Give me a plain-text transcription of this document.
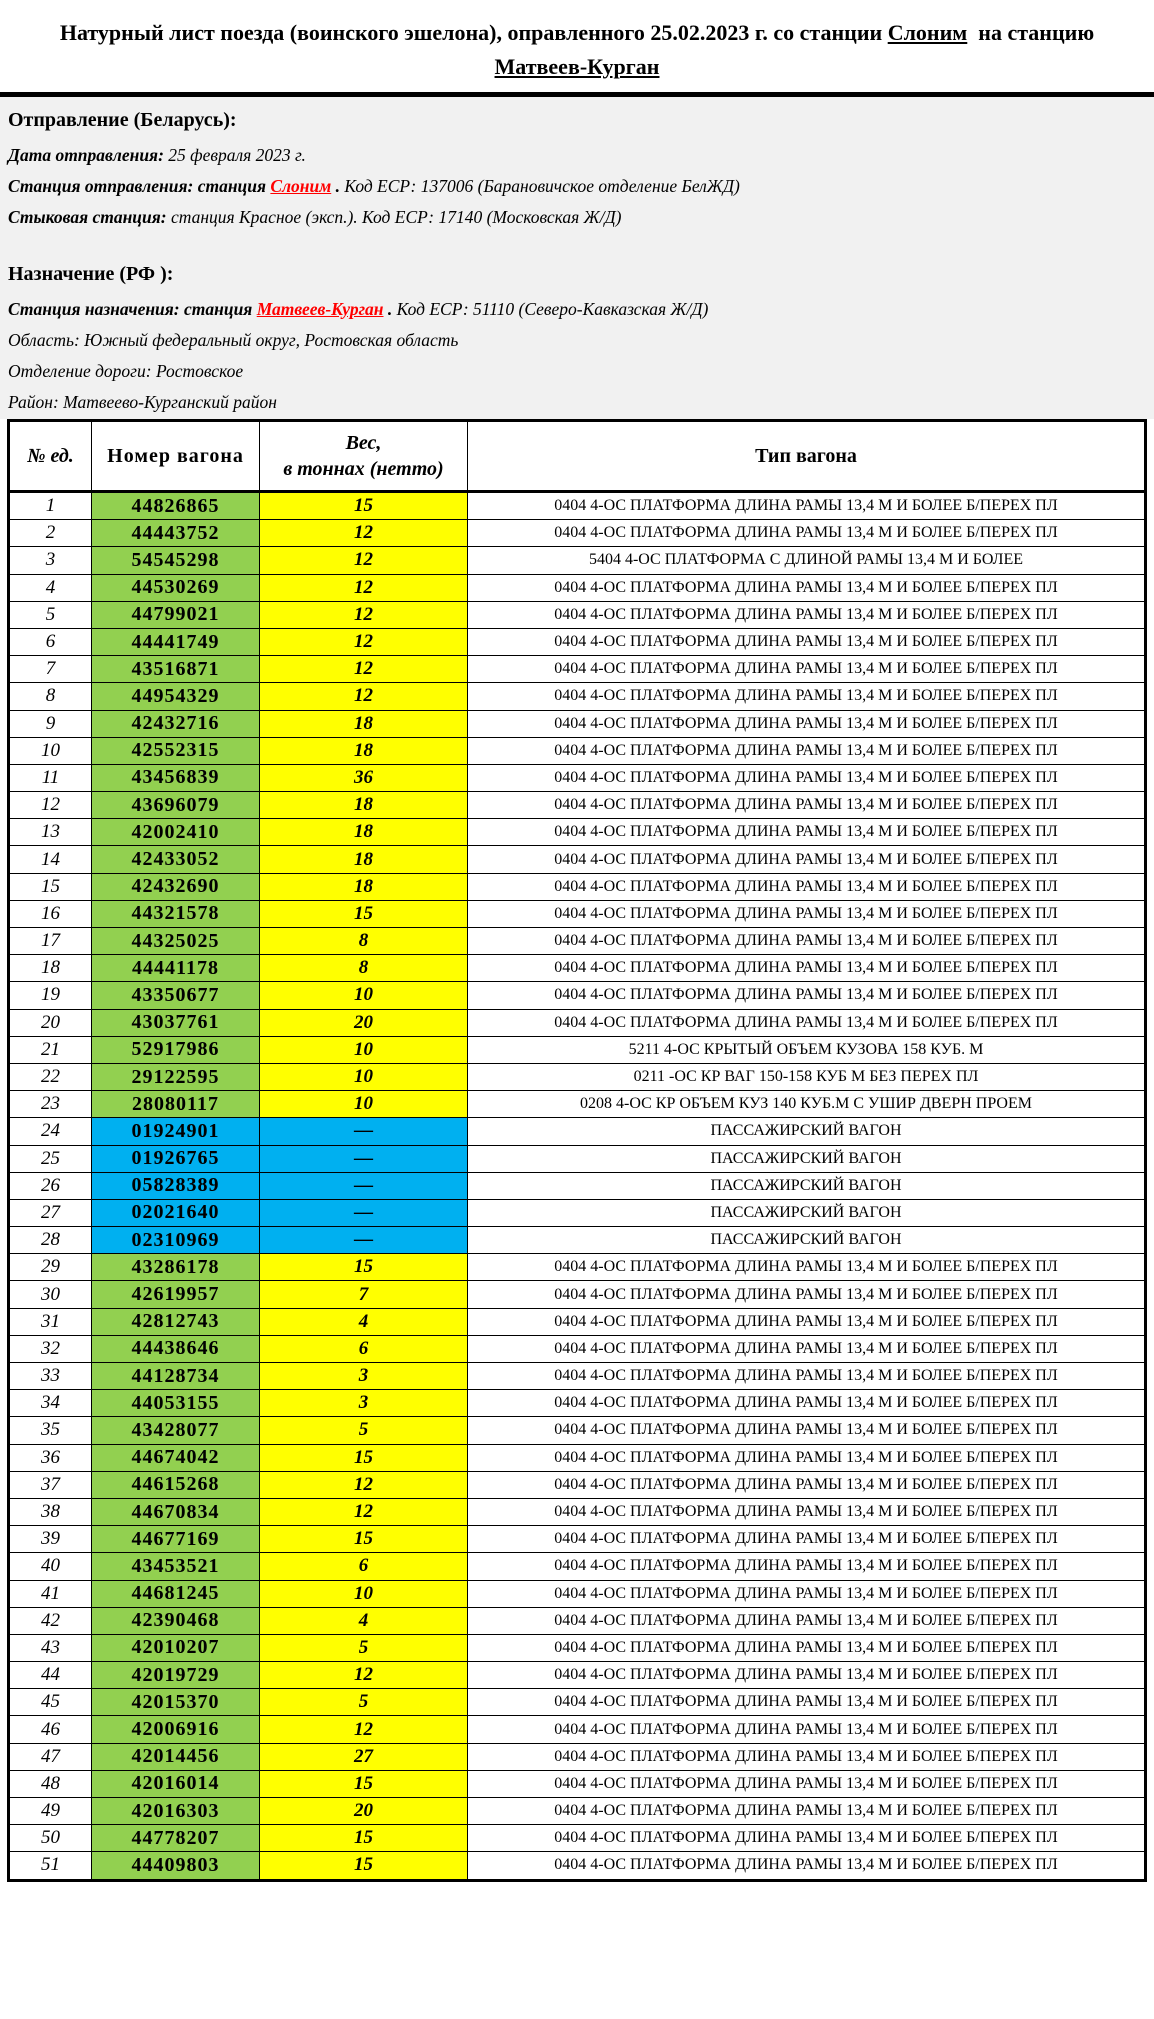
Натурный лист поезда (воинского эшелона), оправленного 25.02.2023 г. со станции Слоним  на станцию
Матвеев-Курган
Отправление (Беларусь):

Дата отправления: 25 февраля 2023 г.

Станция отправления: станция Слоним . Код ЕСР: 137006 (Барановичское отделение БелЖД)

Стыковая станция: станция Красное (эксп.). Код ЕСР: 17140 (Московская Ж/Д)

Назначение (РФ ):

Станция назначения: станция Матвеев-Курган . Код ЕСР: 51110 (Северо-Кавказская Ж/Д)

Область: Южный федеральный округ, Ростовская область

Отделение дороги: Ростовское

Район: Матвеево-Курганский район

№ ед.	Номер вагона	Вес,
в тоннах (нетто)	Тип вагона
1	44826865	15	0404 4-ОС ПЛАТФОРМА ДЛИНА РАМЫ 13,4 М И БОЛЕЕ Б/ПЕРЕХ ПЛ
2	44443752	12	0404 4-ОС ПЛАТФОРМА ДЛИНА РАМЫ 13,4 М И БОЛЕЕ Б/ПЕРЕХ ПЛ
3	54545298	12	5404 4-ОС ПЛАТФОРМА С ДЛИНОЙ РАМЫ 13,4 М И БОЛЕЕ
4	44530269	12	0404 4-ОС ПЛАТФОРМА ДЛИНА РАМЫ 13,4 М И БОЛЕЕ Б/ПЕРЕХ ПЛ
5	44799021	12	0404 4-ОС ПЛАТФОРМА ДЛИНА РАМЫ 13,4 М И БОЛЕЕ Б/ПЕРЕХ ПЛ
6	44441749	12	0404 4-ОС ПЛАТФОРМА ДЛИНА РАМЫ 13,4 М И БОЛЕЕ Б/ПЕРЕХ ПЛ
7	43516871	12	0404 4-ОС ПЛАТФОРМА ДЛИНА РАМЫ 13,4 М И БОЛЕЕ Б/ПЕРЕХ ПЛ
8	44954329	12	0404 4-ОС ПЛАТФОРМА ДЛИНА РАМЫ 13,4 М И БОЛЕЕ Б/ПЕРЕХ ПЛ
9	42432716	18	0404 4-ОС ПЛАТФОРМА ДЛИНА РАМЫ 13,4 М И БОЛЕЕ Б/ПЕРЕХ ПЛ
10	42552315	18	0404 4-ОС ПЛАТФОРМА ДЛИНА РАМЫ 13,4 М И БОЛЕЕ Б/ПЕРЕХ ПЛ
11	43456839	36	0404 4-ОС ПЛАТФОРМА ДЛИНА РАМЫ 13,4 М И БОЛЕЕ Б/ПЕРЕХ ПЛ
12	43696079	18	0404 4-ОС ПЛАТФОРМА ДЛИНА РАМЫ 13,4 М И БОЛЕЕ Б/ПЕРЕХ ПЛ
13	42002410	18	0404 4-ОС ПЛАТФОРМА ДЛИНА РАМЫ 13,4 М И БОЛЕЕ Б/ПЕРЕХ ПЛ
14	42433052	18	0404 4-ОС ПЛАТФОРМА ДЛИНА РАМЫ 13,4 М И БОЛЕЕ Б/ПЕРЕХ ПЛ
15	42432690	18	0404 4-ОС ПЛАТФОРМА ДЛИНА РАМЫ 13,4 М И БОЛЕЕ Б/ПЕРЕХ ПЛ
16	44321578	15	0404 4-ОС ПЛАТФОРМА ДЛИНА РАМЫ 13,4 М И БОЛЕЕ Б/ПЕРЕХ ПЛ
17	44325025	8	0404 4-ОС ПЛАТФОРМА ДЛИНА РАМЫ 13,4 М И БОЛЕЕ Б/ПЕРЕХ ПЛ
18	44441178	8	0404 4-ОС ПЛАТФОРМА ДЛИНА РАМЫ 13,4 М И БОЛЕЕ Б/ПЕРЕХ ПЛ
19	43350677	10	0404 4-ОС ПЛАТФОРМА ДЛИНА РАМЫ 13,4 М И БОЛЕЕ Б/ПЕРЕХ ПЛ
20	43037761	20	0404 4-ОС ПЛАТФОРМА ДЛИНА РАМЫ 13,4 М И БОЛЕЕ Б/ПЕРЕХ ПЛ
21	52917986	10	5211 4-ОС КРЫТЫЙ ОБЪЕМ КУЗОВА 158 КУБ. М
22	29122595	10	0211 -ОС КР ВАГ 150-158 КУБ М БЕЗ ПЕРЕХ ПЛ
23	28080117	10	0208 4-ОС КР ОБЪЕМ КУЗ 140 КУБ.М С УШИР ДВЕРН ПРОЕМ
24	01924901	—	ПАССАЖИРСКИЙ ВАГОН
25	01926765	—	ПАССАЖИРСКИЙ ВАГОН
26	05828389	—	ПАССАЖИРСКИЙ ВАГОН
27	02021640	—	ПАССАЖИРСКИЙ ВАГОН
28	02310969	—	ПАССАЖИРСКИЙ ВАГОН
29	43286178	15	0404 4-ОС ПЛАТФОРМА ДЛИНА РАМЫ 13,4 М И БОЛЕЕ Б/ПЕРЕХ ПЛ
30	42619957	7	0404 4-ОС ПЛАТФОРМА ДЛИНА РАМЫ 13,4 М И БОЛЕЕ Б/ПЕРЕХ ПЛ
31	42812743	4	0404 4-ОС ПЛАТФОРМА ДЛИНА РАМЫ 13,4 М И БОЛЕЕ Б/ПЕРЕХ ПЛ
32	44438646	6	0404 4-ОС ПЛАТФОРМА ДЛИНА РАМЫ 13,4 М И БОЛЕЕ Б/ПЕРЕХ ПЛ
33	44128734	3	0404 4-ОС ПЛАТФОРМА ДЛИНА РАМЫ 13,4 М И БОЛЕЕ Б/ПЕРЕХ ПЛ
34	44053155	3	0404 4-ОС ПЛАТФОРМА ДЛИНА РАМЫ 13,4 М И БОЛЕЕ Б/ПЕРЕХ ПЛ
35	43428077	5	0404 4-ОС ПЛАТФОРМА ДЛИНА РАМЫ 13,4 М И БОЛЕЕ Б/ПЕРЕХ ПЛ
36	44674042	15	0404 4-ОС ПЛАТФОРМА ДЛИНА РАМЫ 13,4 М И БОЛЕЕ Б/ПЕРЕХ ПЛ
37	44615268	12	0404 4-ОС ПЛАТФОРМА ДЛИНА РАМЫ 13,4 М И БОЛЕЕ Б/ПЕРЕХ ПЛ
38	44670834	12	0404 4-ОС ПЛАТФОРМА ДЛИНА РАМЫ 13,4 М И БОЛЕЕ Б/ПЕРЕХ ПЛ
39	44677169	15	0404 4-ОС ПЛАТФОРМА ДЛИНА РАМЫ 13,4 М И БОЛЕЕ Б/ПЕРЕХ ПЛ
40	43453521	6	0404 4-ОС ПЛАТФОРМА ДЛИНА РАМЫ 13,4 М И БОЛЕЕ Б/ПЕРЕХ ПЛ
41	44681245	10	0404 4-ОС ПЛАТФОРМА ДЛИНА РАМЫ 13,4 М И БОЛЕЕ Б/ПЕРЕХ ПЛ
42	42390468	4	0404 4-ОС ПЛАТФОРМА ДЛИНА РАМЫ 13,4 М И БОЛЕЕ Б/ПЕРЕХ ПЛ
43	42010207	5	0404 4-ОС ПЛАТФОРМА ДЛИНА РАМЫ 13,4 М И БОЛЕЕ Б/ПЕРЕХ ПЛ
44	42019729	12	0404 4-ОС ПЛАТФОРМА ДЛИНА РАМЫ 13,4 М И БОЛЕЕ Б/ПЕРЕХ ПЛ
45	42015370	5	0404 4-ОС ПЛАТФОРМА ДЛИНА РАМЫ 13,4 М И БОЛЕЕ Б/ПЕРЕХ ПЛ
46	42006916	12	0404 4-ОС ПЛАТФОРМА ДЛИНА РАМЫ 13,4 М И БОЛЕЕ Б/ПЕРЕХ ПЛ
47	42014456	27	0404 4-ОС ПЛАТФОРМА ДЛИНА РАМЫ 13,4 М И БОЛЕЕ Б/ПЕРЕХ ПЛ
48	42016014	15	0404 4-ОС ПЛАТФОРМА ДЛИНА РАМЫ 13,4 М И БОЛЕЕ Б/ПЕРЕХ ПЛ
49	42016303	20	0404 4-ОС ПЛАТФОРМА ДЛИНА РАМЫ 13,4 М И БОЛЕЕ Б/ПЕРЕХ ПЛ
50	44778207	15	0404 4-ОС ПЛАТФОРМА ДЛИНА РАМЫ 13,4 М И БОЛЕЕ Б/ПЕРЕХ ПЛ
51	44409803	15	0404 4-ОС ПЛАТФОРМА ДЛИНА РАМЫ 13,4 М И БОЛЕЕ Б/ПЕРЕХ ПЛ
